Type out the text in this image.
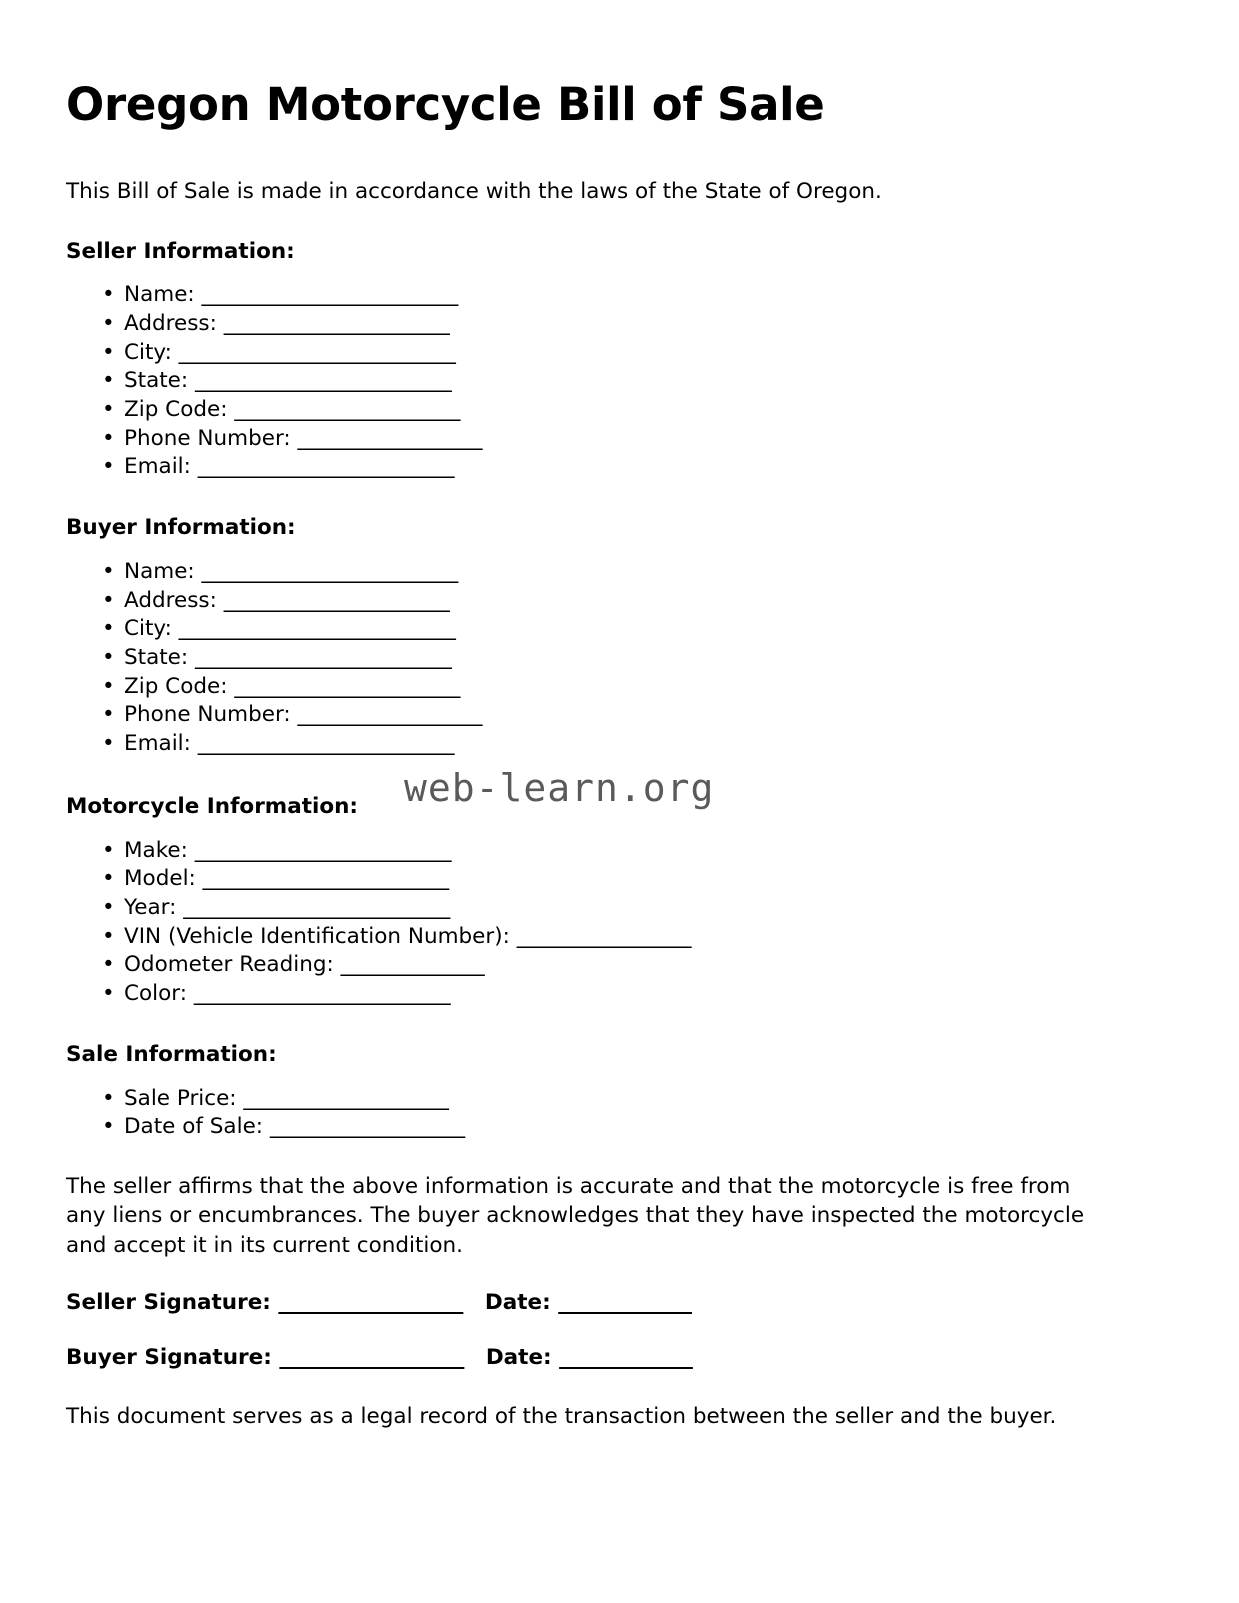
Oregon Motorcycle Bill of Sale

This Bill of Sale is made in accordance with the laws of the State of Oregon.

Seller Information:
• Name: _________________________
• Address: ______________________
• City: ___________________________
• State: _________________________
• Zip Code: ______________________
• Phone Number: __________________
• Email: _________________________
Buyer Information:
• Name: _________________________
• Address: ______________________
• City: ___________________________
• State: _________________________
• Zip Code: ______________________
• Phone Number: __________________
• Email: _________________________
Motorcycle Information:
• Make: _________________________
• Model: ________________________
• Year: __________________________
• VIN (Vehicle Identification Number): _________________
• Odometer Reading: ______________
• Color: _________________________
Sale Information:
• Sale Price: ____________________
• Date of Sale: ___________________

The seller affirms that the above information is accurate and that the motorcycle is free from any liens or encumbrances. The buyer acknowledges that they have inspected the motorcycle and accept it in its current condition.

Seller Signature: __________________ Date: _____________
Buyer Signature: __________________ Date: _____________

This document serves as a legal record of the transaction between the seller and the buyer.

web-learn.org
